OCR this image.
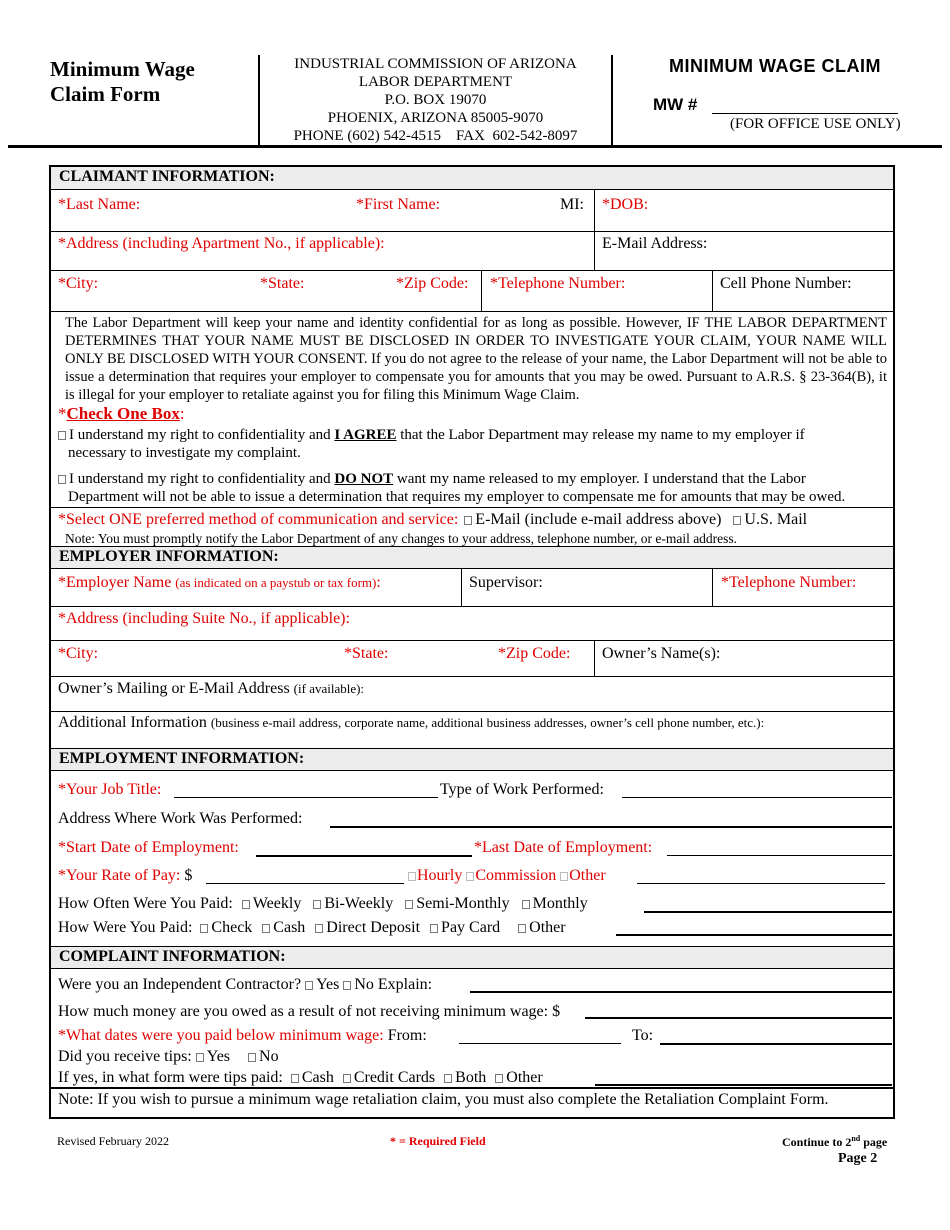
Minimum Wage
Claim Form
INDUSTRIAL COMMISSION OF ARIZONA
LABOR DEPARTMENT
P.O. BOX 19070
PHOENIX, ARIZONA 85005-9070
PHONE (602) 542-4515    FAX  602-542-8097
MINIMUM WAGE CLAIM
MW #
(FOR OFFICE USE ONLY)
CLAIMANT INFORMATION:
*Last Name:	*First Name:	MI: *DOB:
*Address (including Apartment No., if applicable):	E-Mail Address:
*City:	*State:	*Zip Code: *Telephone Number:	Cell Phone Number:
The Labor Department will keep your name and identity confidential for as long as possible. However, IF THE LABOR DEPARTMENT DETERMINES THAT YOUR NAME MUST BE DISCLOSED IN ORDER TO INVESTIGATE YOUR CLAIM, YOUR NAME WILL ONLY BE DISCLOSED WITH YOUR CONSENT. If you do not agree to the release of your name, the Labor Department will not be able to issue a determination that requires your employer to compensate you for amounts that you may be owed. Pursuant to A.R.S. § 23-364(B), it is illegal for your employer to retaliate against you for filing this Minimum Wage Claim.
*Check One Box:
I understand my right to confidentiality and I AGREE that the Labor Department may release my name to my employer if
necessary to investigate my complaint.
I understand my right to confidentiality and DO NOT want my name released to my employer. I understand that the Labor
Department will not be able to issue a determination that requires my employer to compensate me for amounts that may be owed.
*Select ONE preferred method of communication and service: E-Mail (include e-mail address above) U.S. Mail
Note: You must promptly notify the Labor Department of any changes to your address, telephone number, or e-mail address.
EMPLOYER INFORMATION:
*Employer Name (as indicated on a paystub or tax form):	Supervisor:	*Telephone Number:
*Address (including Suite No., if applicable):
*City:	*State:	*Zip Code: Owner’s Name(s):
Owner’s Mailing or E-Mail Address (if available):
Additional Information (business e-mail address, corporate name, additional business addresses, owner’s cell phone number, etc.):
EMPLOYMENT INFORMATION:
*Your Job Title:	Type of Work Performed:
Address Where Work Was Performed:
*Start Date of Employment:	*Last Date of Employment:
*Your Rate of Pay: $	Hourly Commission Other
How Often Were You Paid: Weekly Bi-Weekly Semi-Monthly Monthly
How Were You Paid: Check Cash Direct Deposit Pay Card Other
COMPLAINT INFORMATION:
Were you an Independent Contractor? Yes No Explain:
How much money are you owed as a result of not receiving minimum wage: $
*What dates were you paid below minimum wage: From:	To:
Did you receive tips: Yes No
If yes, in what form were tips paid: Cash Credit Cards Both Other
Note: If you wish to pursue a minimum wage retaliation claim, you must also complete the Retaliation Complaint Form.
Revised February 2022	* = Required Field	Continue to 2nd page
Page 2
